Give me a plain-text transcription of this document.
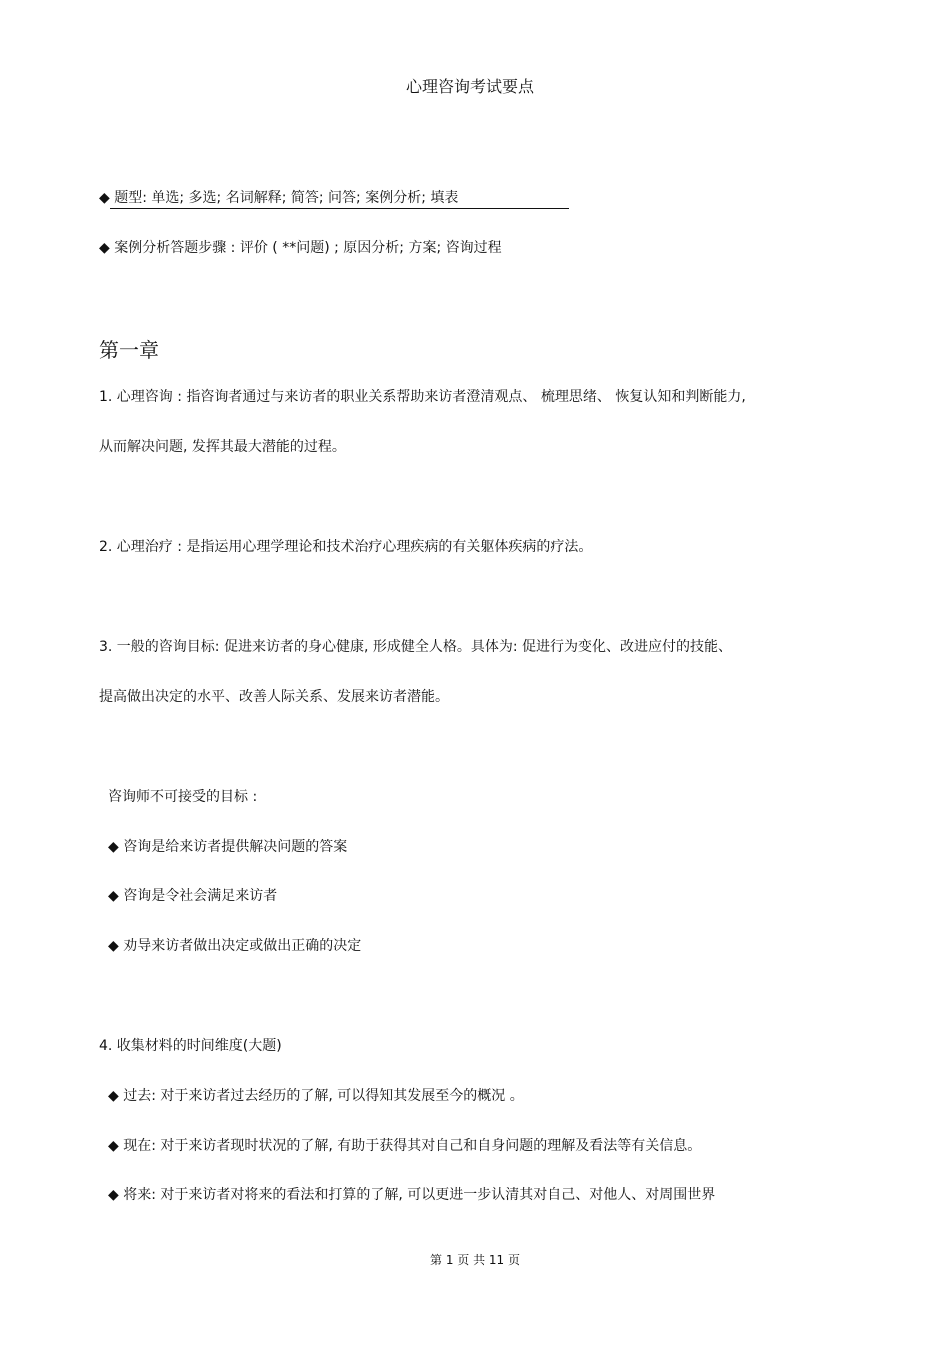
心理咨询考试要点
◆ 题型: 单选; 多选; 名词解释; 简答; 问答; 案例分析; 填表
◆ 案例分析答题步骤 : 评价 ( **问题) ; 原因分析; 方案; 咨询过程
第一章
1. 心理咨询 : 指咨询者通过与来访者的职业关系帮助来访者澄清观点、 梳理思绪、 恢复认知和判断能力,
从而解决问题, 发挥其最大潜能的过程。
2. 心理治疗 : 是指运用心理学理论和技术治疗心理疾病的有关躯体疾病的疗法。
3. 一般的咨询目标: 促进来访者的身心健康, 形成健全人格。具体为: 促进行为变化、改进应付的技能、
提高做出决定的水平、改善人际关系、发展来访者潜能。
咨询师不可接受的目标 :
◆ 咨询是给来访者提供解决问题的答案
◆ 咨询是令社会满足来访者
◆ 劝导来访者做出决定或做出正确的决定
4. 收集材料的时间维度(大题)
◆ 过去: 对于来访者过去经历的了解, 可以得知其发展至今的概况 。
◆ 现在: 对于来访者现时状况的了解, 有助于获得其对自己和自身问题的理解及看法等有关信息。
◆ 将来: 对于来访者对将来的看法和打算的了解, 可以更进一步认清其对自己、对他人、对周围世界
第 1 页 共 11 页
